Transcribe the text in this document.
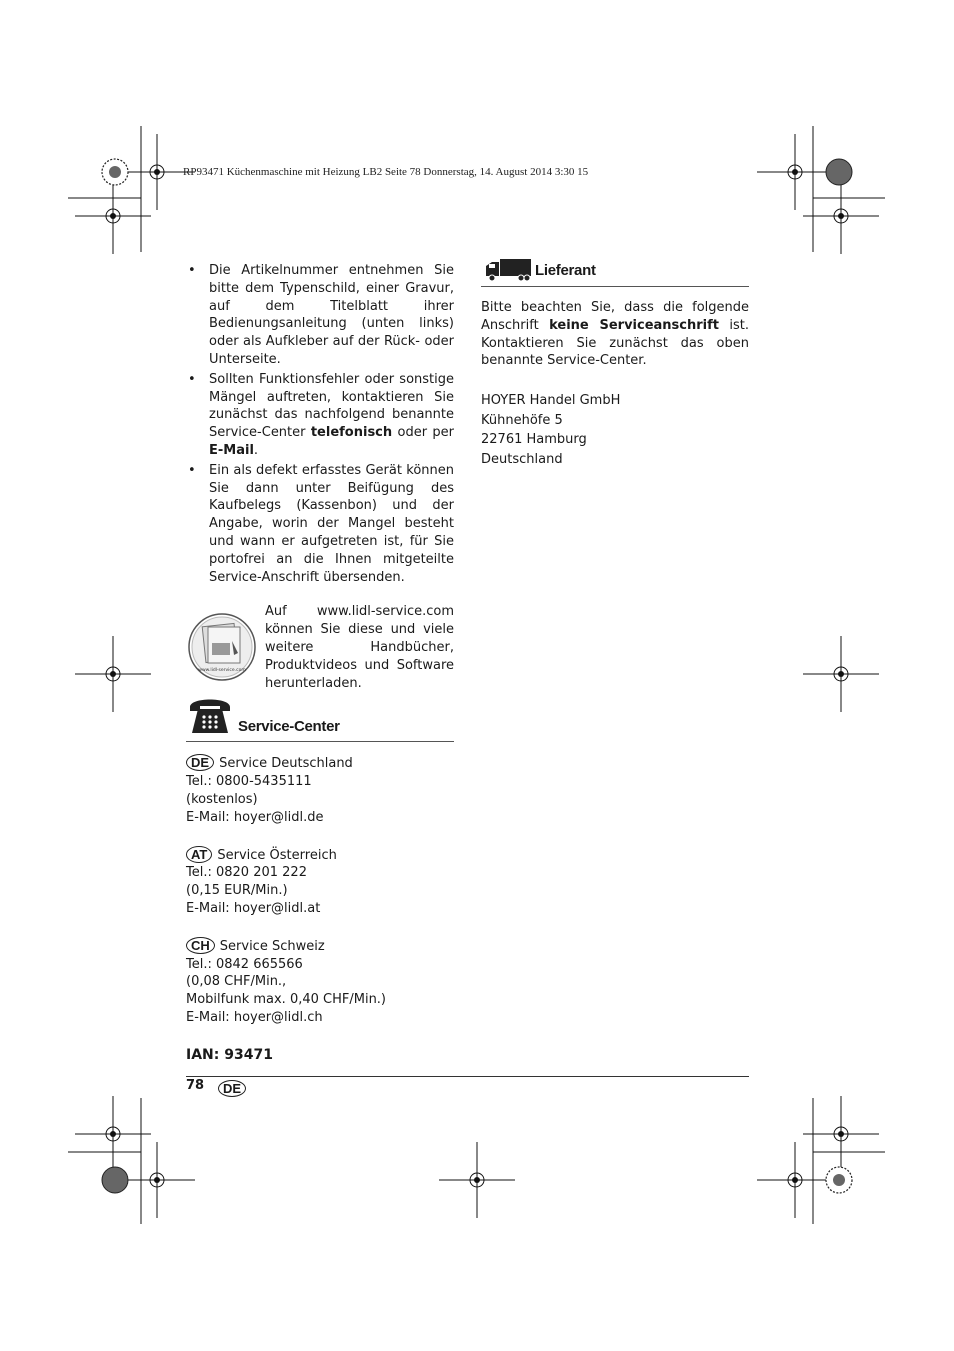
RP93471 Küchenmaschine mit Heizung LB2 Seite 78 Donnerstag, 14. August 2014 3:30 15
• Die Artikelnummer entnehmen Sie bitte dem Typenschild, einer Gravur, auf dem Titelblatt ihrer Bedienungsanleitung (unten links) oder als Aufkleber auf der Rück- oder Unterseite.
• Sollten Funktionsfehler oder sonstige Mängel auftreten, kontaktieren Sie zunächst das nachfolgend benannte Service-Center telefonisch oder per E-Mail.
• Ein als defekt erfasstes Gerät können Sie dann unter Beifügung des Kaufbelegs (Kassenbon) und der Angabe, worin der Mangel besteht und wann er aufgetreten ist, für Sie portofrei an die Ihnen mitgeteilte Service-Anschrift übersenden.
www.lidl-service.com
Auf www.lidl-service.com können Sie diese und viele weitere Handbücher, Produktvideos und Software herunterladen.
Service-Center

DE Service Deutschland

Tel.: 0800-5435111

(kostenlos)

E-Mail: hoyer@lidl.de

AT Service Österreich

Tel.: 0820 201 222

(0,15 EUR/Min.)

E-Mail: hoyer@lidl.at

CH Service Schweiz

Tel.: 0842 665566

(0,08 CHF/Min.,

Mobilfunk max. 0,40 CHF/Min.)

E-Mail: hoyer@lidl.ch

IAN: 93471
Lieferant

Bitte beachten Sie, dass die folgende Anschrift keine Serviceanschrift ist. Kontaktieren Sie zunächst das oben benannte Service-Center.

HOYER Handel GmbH

Kühnehöfe 5

22761 Hamburg

Deutschland

78	DE
